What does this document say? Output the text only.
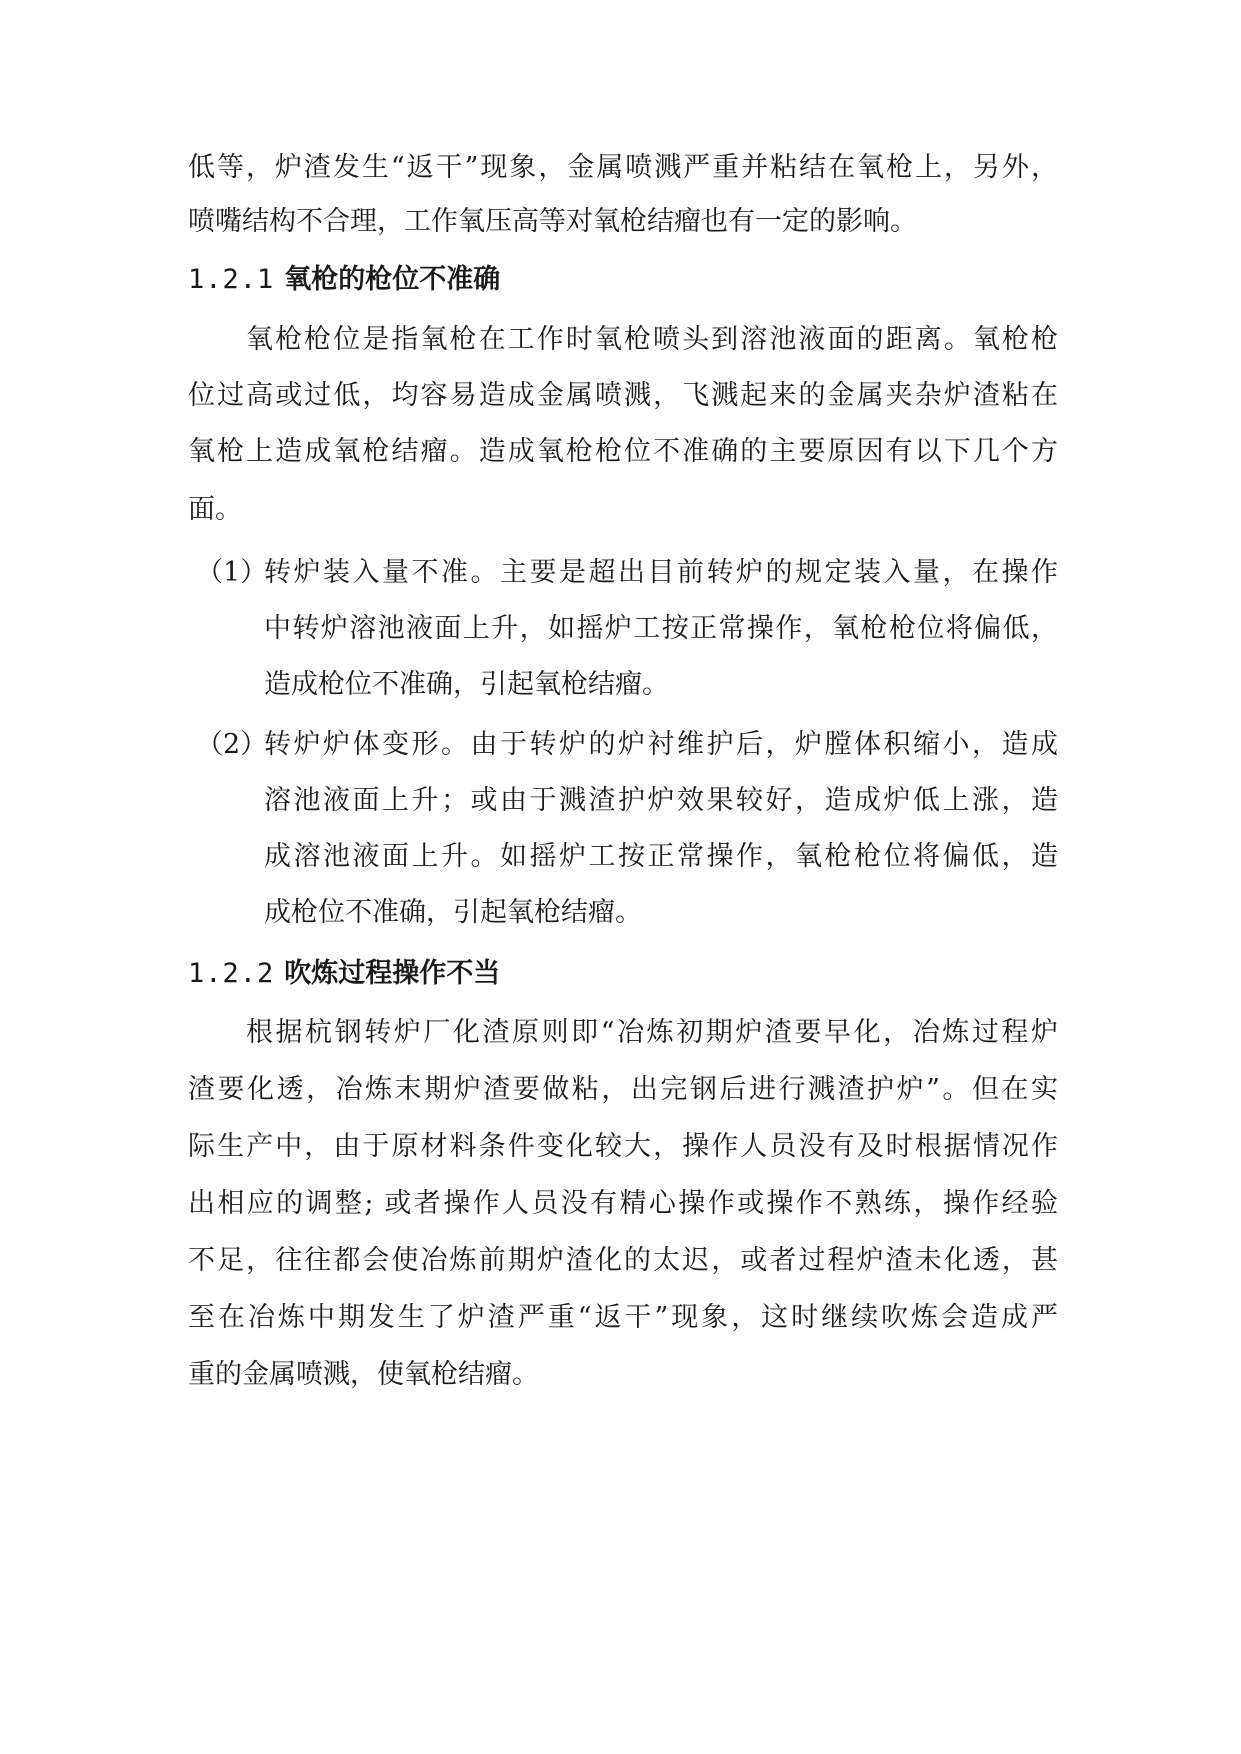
低等，炉渣发生“返干”现象，金属喷溅严重并粘结在氧枪上，另外，
喷嘴结构不合理，工作氧压高等对氧枪结瘤也有一定的影响。
1.2.1 氧枪的枪位不准确
氧枪枪位是指氧枪在工作时氧枪喷头到溶池液面的距离。氧枪枪
位过高或过低，均容易造成金属喷溅，飞溅起来的金属夹杂炉渣粘在
氧枪上造成氧枪结瘤。造成氧枪枪位不准确的主要原因有以下几个方
面。
（1）
转炉装入量不准。主要是超出目前转炉的规定装入量，在操作
中转炉溶池液面上升，如摇炉工按正常操作，氧枪枪位将偏低，
造成枪位不准确，引起氧枪结瘤。
（2）
转炉炉体变形。由于转炉的炉衬维护后，炉膛体积缩小，造成
溶池液面上升；或由于溅渣护炉效果较好，造成炉低上涨，造
成溶池液面上升。如摇炉工按正常操作，氧枪枪位将偏低，造
成枪位不准确，引起氧枪结瘤。
1.2.2 吹炼过程操作不当
根据杭钢转炉厂化渣原则即“冶炼初期炉渣要早化，冶炼过程炉
渣要化透，冶炼末期炉渣要做粘，出完钢后进行溅渣护炉”。但在实
际生产中，由于原材料条件变化较大，操作人员没有及时根据情况作
出相应的调整; 或者操作人员没有精心操作或操作不熟练，操作经验
不足，往往都会使冶炼前期炉渣化的太迟，或者过程炉渣未化透，甚
至在冶炼中期发生了炉渣严重“返干”现象，这时继续吹炼会造成严
重的金属喷溅，使氧枪结瘤。
